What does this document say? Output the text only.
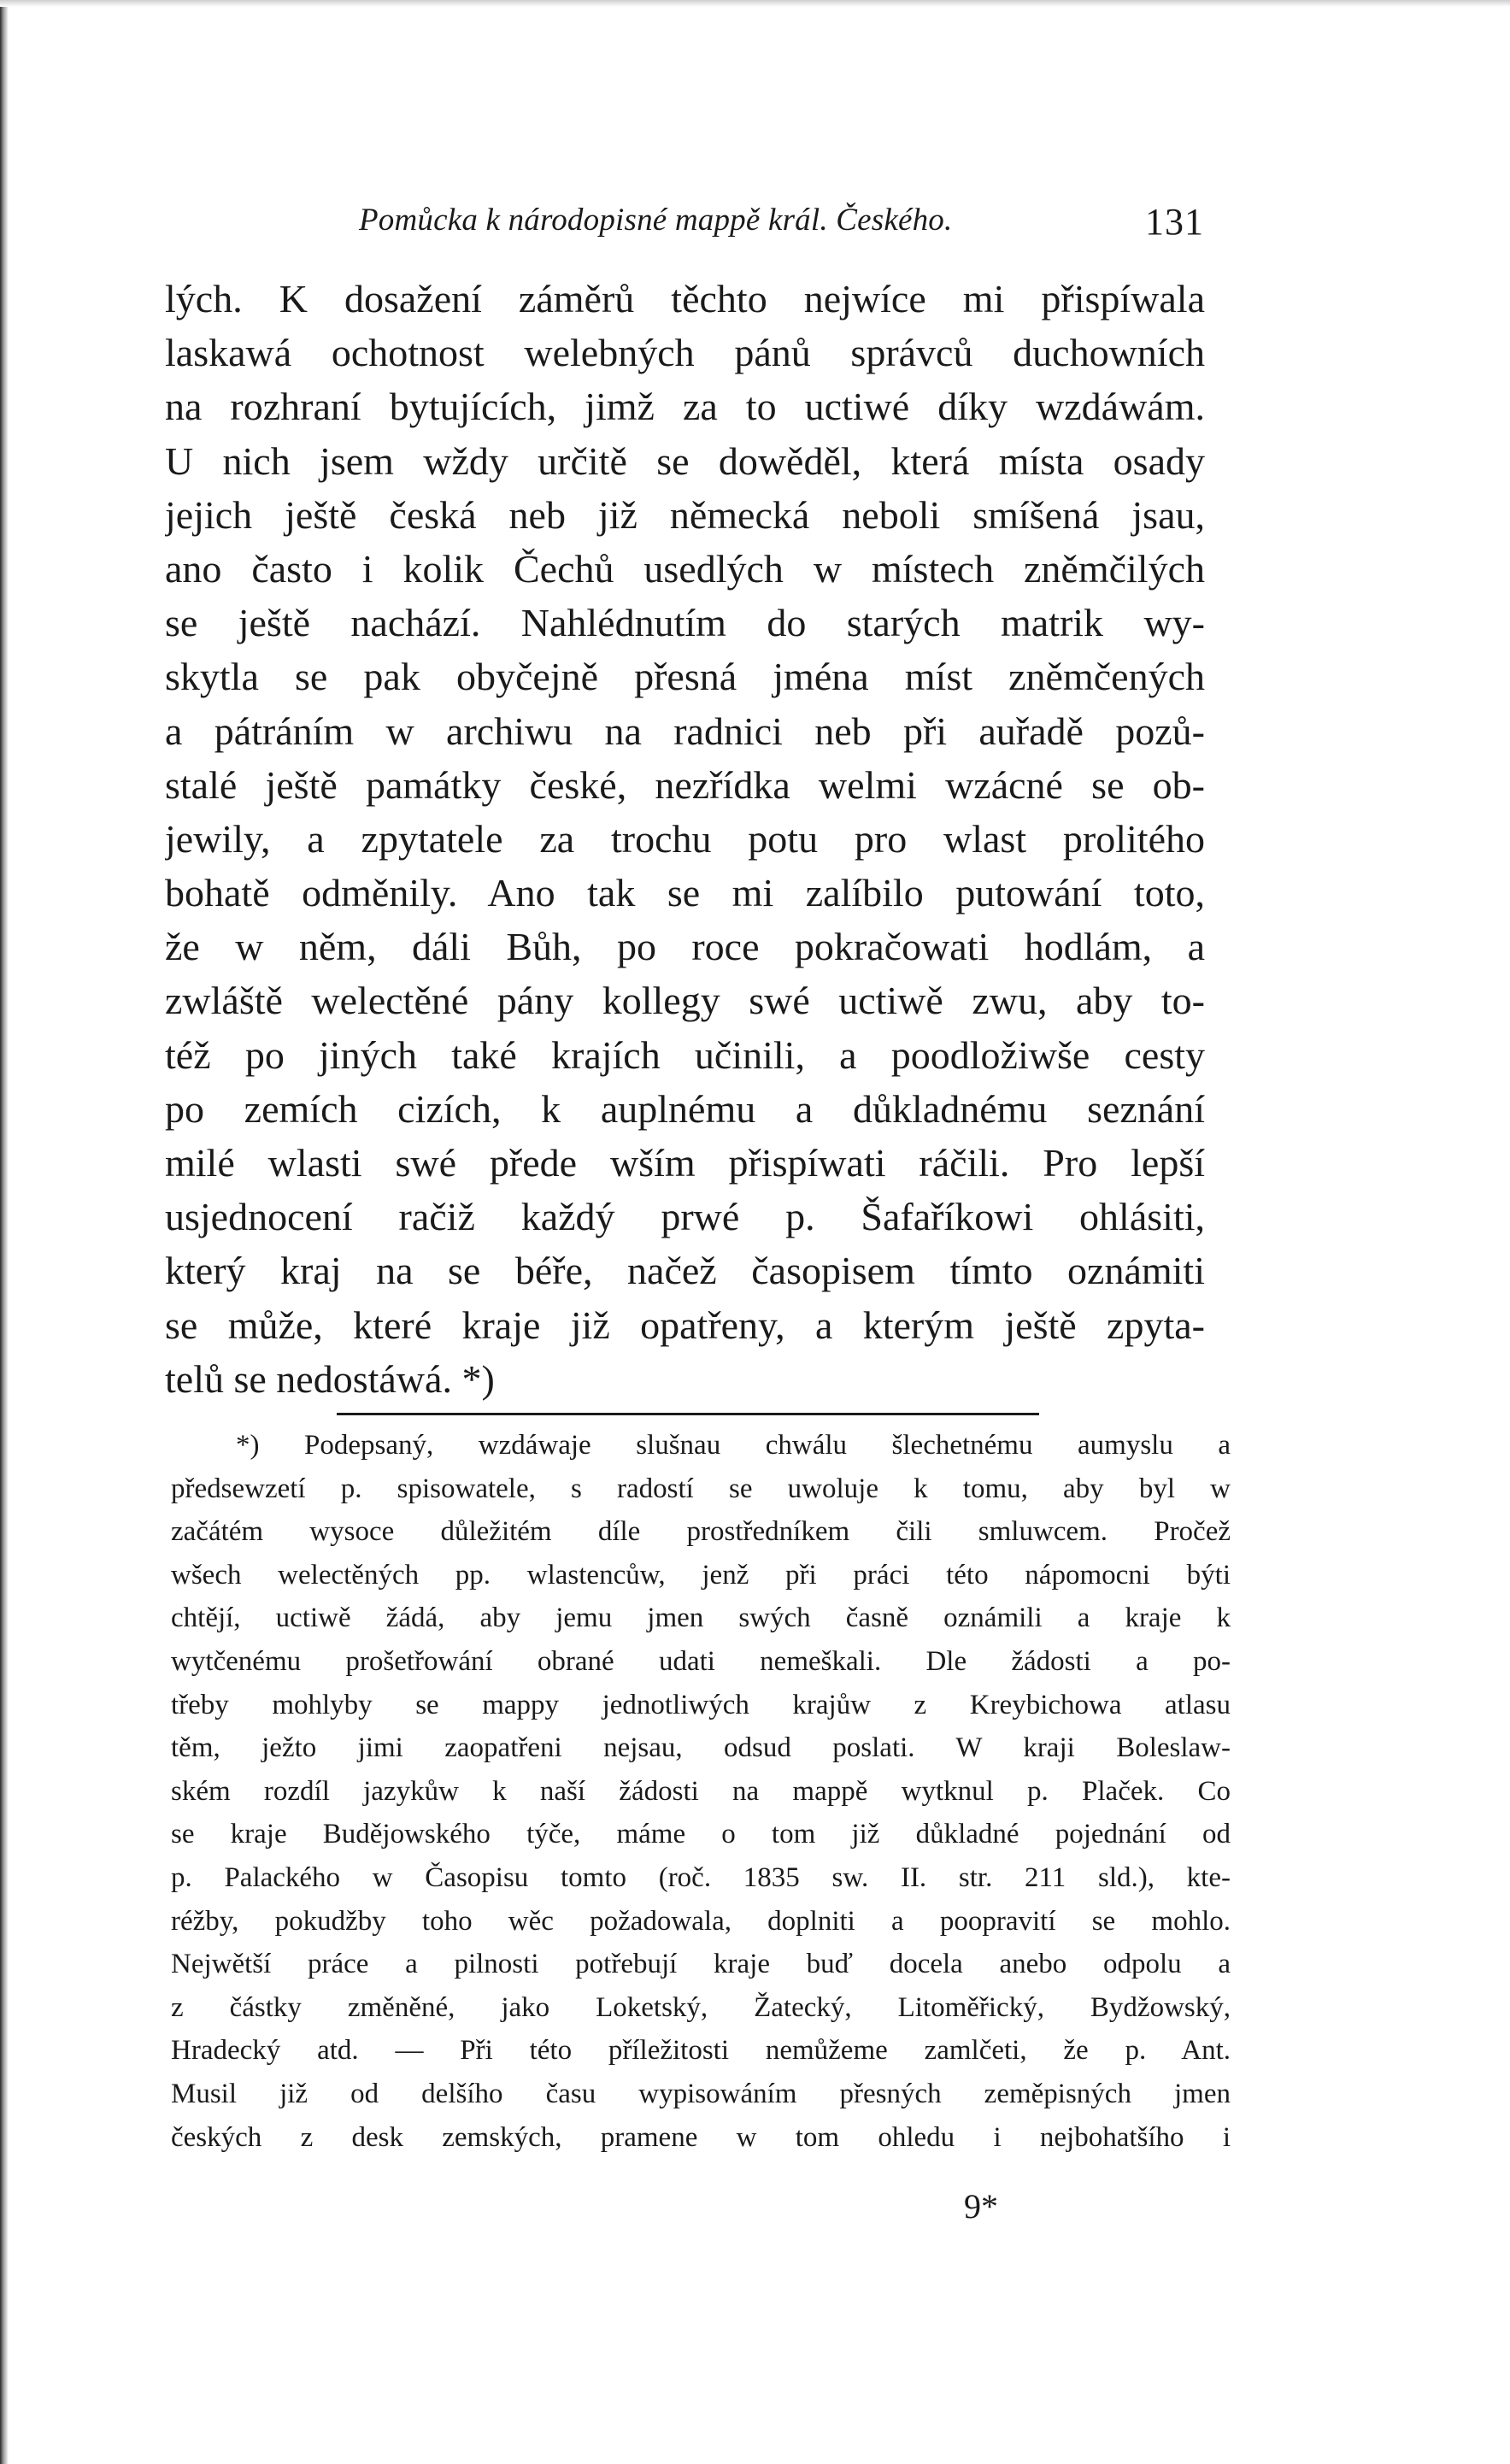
Pomůcka k národopisné mappě král. Českého.	131
lých. K dosažení záměrů těchto nejwíce mi přispíwala
laskawá ochotnost welebných pánů správců duchowních
na rozhraní bytujících, jimž za to uctiwé díky wzdáwám.
U nich jsem wždy určitě se dowěděl, která místa osady
jejich ještě česká neb již německá neboli smíšená jsau,
ano často i kolik Čechů usedlých w místech zněmčilých
se ještě nachází. Nahlédnutím do starých matrik wy-
skytla se pak obyčejně přesná jména míst zněmčených
a pátráním w archiwu na radnici neb při auřadě pozů-
stalé ještě památky české, nezřídka welmi wzácné se ob-
jewily, a zpytatele za trochu potu pro wlast prolitého
bohatě odměnily. Ano tak se mi zalíbilo putowání toto,
že w něm, dáli Bůh, po roce pokračowati hodlám, a
zwláště welectěné pány kollegy swé uctiwě zwu, aby to-
též po jiných také krajích učinili, a poodložiwše cesty
po zemích cizích, k auplnému a důkladnému seznání
milé wlasti swé přede wším přispíwati ráčili. Pro lepší
usjednocení račiž každý prwé p. Šafaříkowi ohlásiti,
který kraj na se béře, načež časopisem tímto oznámiti
se může, které kraje již opatřeny, a kterým ještě zpyta-
telů se nedostáwá. *)
*) Podepsaný, wzdáwaje slušnau chwálu šlechetnému aumyslu a
předsewzetí p. spisowatele, s radostí se uwoluje k tomu, aby byl w
začátém wysoce důležitém díle prostředníkem čili smluwcem. Pročež
wšech welectěných pp. wlastencůw, jenž při práci této nápomocni býti
chtějí, uctiwě žádá, aby jemu jmen swých časně oznámili a kraje k
wytčenému prošetřowání obrané udati nemeškali. Dle žádosti a po-
třeby mohlyby se mappy jednotliwých krajůw z Kreybichowa atlasu
těm, ježto jimi zaopatřeni nejsau, odsud poslati. W kraji Boleslaw-
ském rozdíl jazykůw k naší žádosti na mappě wytknul p. Plaček. Co
se kraje Budějowského týče, máme o tom již důkladné pojednání od
p. Palackého w Časopisu tomto (roč. 1835 sw. II. str. 211 sld.), kte-
réžby, pokudžby toho wěc požadowala, doplniti a poopravití se mohlo.
Nejwětší práce a pilnosti potřebují kraje buď docela anebo odpolu a
z částky změněné, jako Loketský, Žatecký, Litoměřický, Bydžowský,
Hradecký atd. — Při této příležitosti nemůžeme zamlčeti, že p. Ant.
Musil již od delšího času wypisowáním přesných zeměpisných jmen
českých z desk zemských, pramene w tom ohledu i nejbohatšího i
9*
